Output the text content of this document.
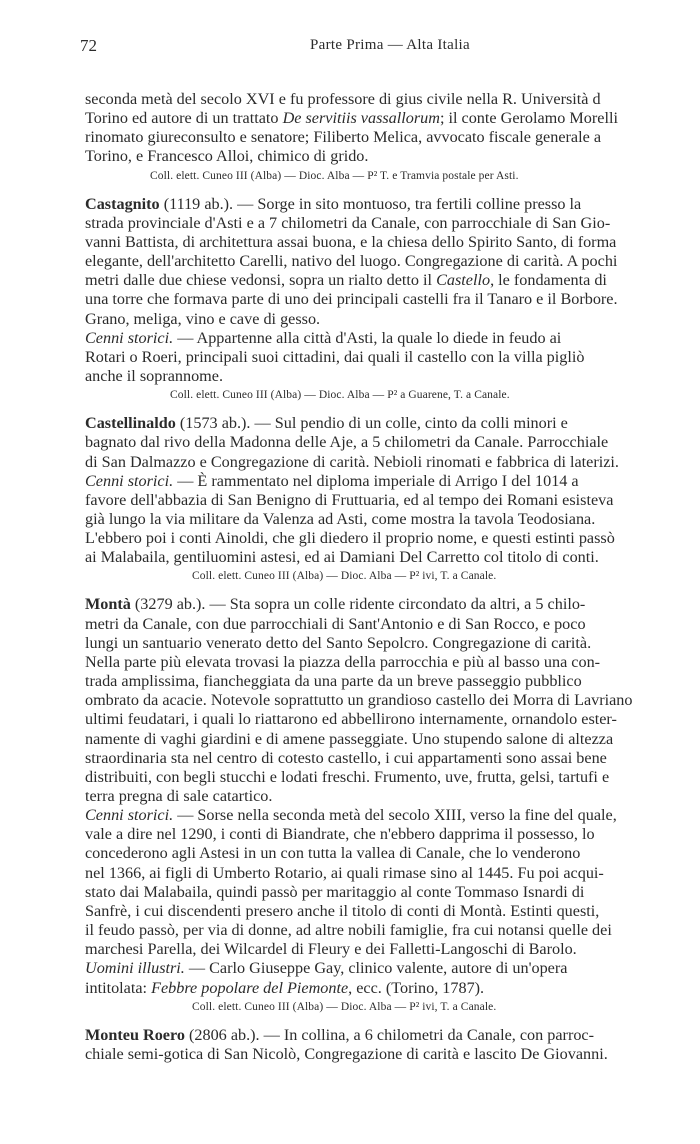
72	Parte Prima — Alta Italia

seconda metà del secolo XVI e fu professore di gius civile nella R. Università d
Torino ed autore di un trattato De servitiis vassallorum; il conte Gerolamo Morelli
rinomato giureconsulto e senatore; Filiberto Melica, avvocato fiscale generale a
Torino, e Francesco Alloi, chimico di grido.

Coll. elett. Cuneo III (Alba) — Dioc. Alba — P² T. e Tramvia postale per Asti.

Castagnito (1119 ab.). — Sorge in sito montuoso, tra fertili colline presso la
strada provinciale d'Asti e a 7 chilometri da Canale, con parrocchiale di San Gio-
vanni Battista, di architettura assai buona, e la chiesa dello Spirito Santo, di forma
elegante, dell'architetto Carelli, nativo del luogo. Congregazione di carità. A pochi
metri dalle due chiese vedonsi, sopra un rialto detto il Castello, le fondamenta di
una torre che formava parte di uno dei principali castelli fra il Tanaro e il Borbore.
Grano, meliga, vino e cave di gesso.
Cenni storici. — Appartenne alla città d'Asti, la quale lo diede in feudo ai
Rotari o Roeri, principali suoi cittadini, dai quali il castello con la villa pigliò
anche il soprannome.

Coll. elett. Cuneo III (Alba) — Dioc. Alba — P² a Guarene, T. a Canale.

Castellinaldo (1573 ab.). — Sul pendio di un colle, cinto da colli minori e
bagnato dal rivo della Madonna delle Aje, a 5 chilometri da Canale. Parrocchiale
di San Dalmazzo e Congregazione di carità. Nebioli rinomati e fabbrica di laterizi.
Cenni storici. — È rammentato nel diploma imperiale di Arrigo I del 1014 a
favore dell'abbazia di San Benigno di Fruttuaria, ed al tempo dei Romani esisteva
già lungo la via militare da Valenza ad Asti, come mostra la tavola Teodosiana.
L'ebbero poi i conti Ainoldi, che gli diedero il proprio nome, e questi estinti passò
ai Malabaila, gentiluomini astesi, ed ai Damiani Del Carretto col titolo di conti.

Coll. elett. Cuneo III (Alba) — Dioc. Alba — P² ivi, T. a Canale.

Montà (3279 ab.). — Sta sopra un colle ridente circondato da altri, a 5 chilo-
metri da Canale, con due parrocchiali di Sant'Antonio e di San Rocco, e poco
lungi un santuario venerato detto del Santo Sepolcro. Congregazione di carità.
Nella parte più elevata trovasi la piazza della parrocchia e più al basso una con-
trada amplissima, fiancheggiata da una parte da un breve passeggio pubblico
ombrato da acacie. Notevole soprattutto un grandioso castello dei Morra di Lavriano
ultimi feudatari, i quali lo riattarono ed abbellirono internamente, ornandolo ester-
namente di vaghi giardini e di amene passeggiate. Uno stupendo salone di altezza
straordinaria sta nel centro di cotesto castello, i cui appartamenti sono assai bene
distribuiti, con begli stucchi e lodati freschi. Frumento, uve, frutta, gelsi, tartufi e
terra pregna di sale catartico.
Cenni storici. — Sorse nella seconda metà del secolo XIII, verso la fine del quale,
vale a dire nel 1290, i conti di Biandrate, che n'ebbero dapprima il possesso, lo
concederono agli Astesi in un con tutta la vallea di Canale, che lo venderono
nel 1366, ai figli di Umberto Rotario, ai quali rimase sino al 1445. Fu poi acqui-
stato dai Malabaila, quindi passò per maritaggio al conte Tommaso Isnardi di
Sanfrè, i cui discendenti presero anche il titolo di conti di Montà. Estinti questi,
il feudo passò, per via di donne, ad altre nobili famiglie, fra cui notansi quelle dei
marchesi Parella, dei Wilcardel di Fleury e dei Falletti-Langoschi di Barolo.
Uomini illustri. — Carlo Giuseppe Gay, clinico valente, autore di un'opera
intitolata: Febbre popolare del Piemonte, ecc. (Torino, 1787).

Coll. elett. Cuneo III (Alba) — Dioc. Alba — P² ivi, T. a Canale.

Monteu Roero (2806 ab.). — In collina, a 6 chilometri da Canale, con parroc-
chiale semi-gotica di San Nicolò, Congregazione di carità e lascito De Giovanni.
